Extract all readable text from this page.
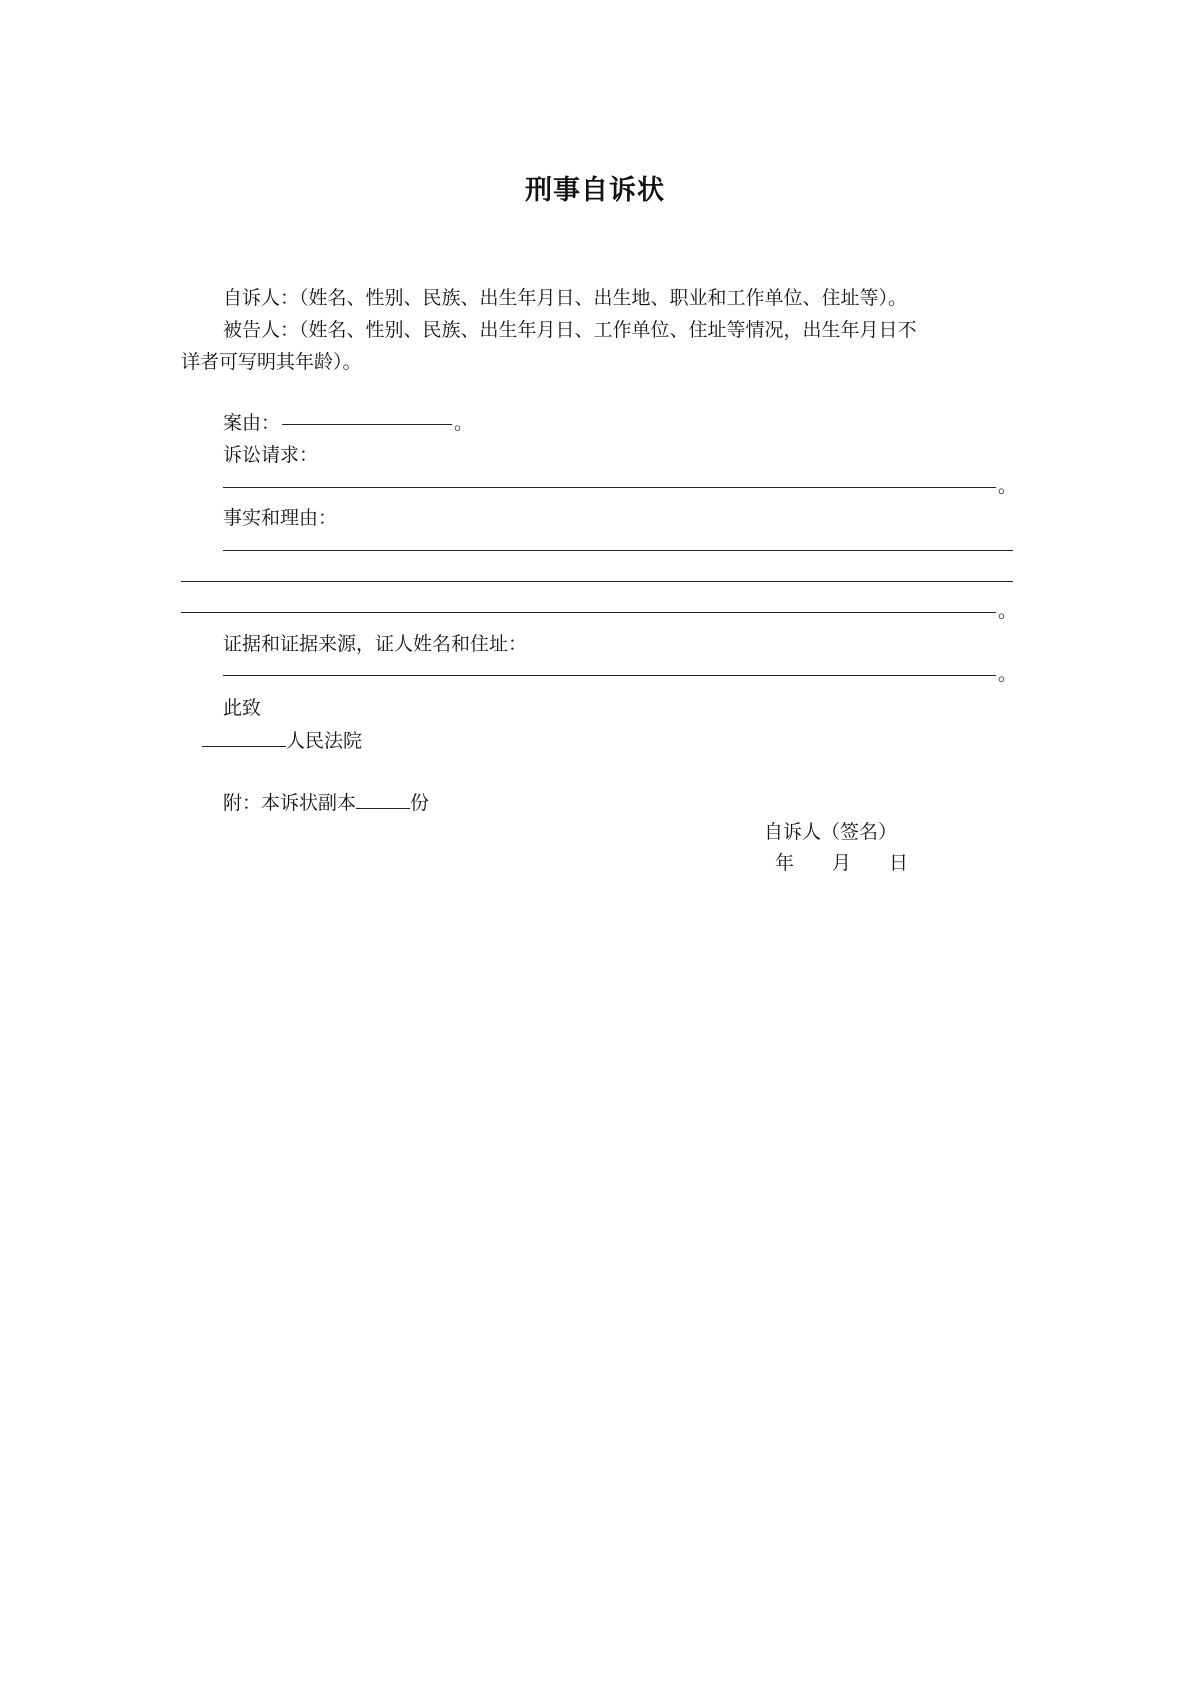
刑事自诉状
自诉人：（姓名、性别、民族、出生年月日、出生地、职业和工作单位、住址等）。
被告人：（姓名、性别、民族、出生年月日、工作单位、住址等情况，出生年月日不
详者可写明其年龄）。
案由：	。
诉讼请求：
。
事实和理由：
。
证据和证据来源，证人姓名和住址：
。
此致
人民法院
附：本诉状副本	份
自诉人（签名）
年 月 日
